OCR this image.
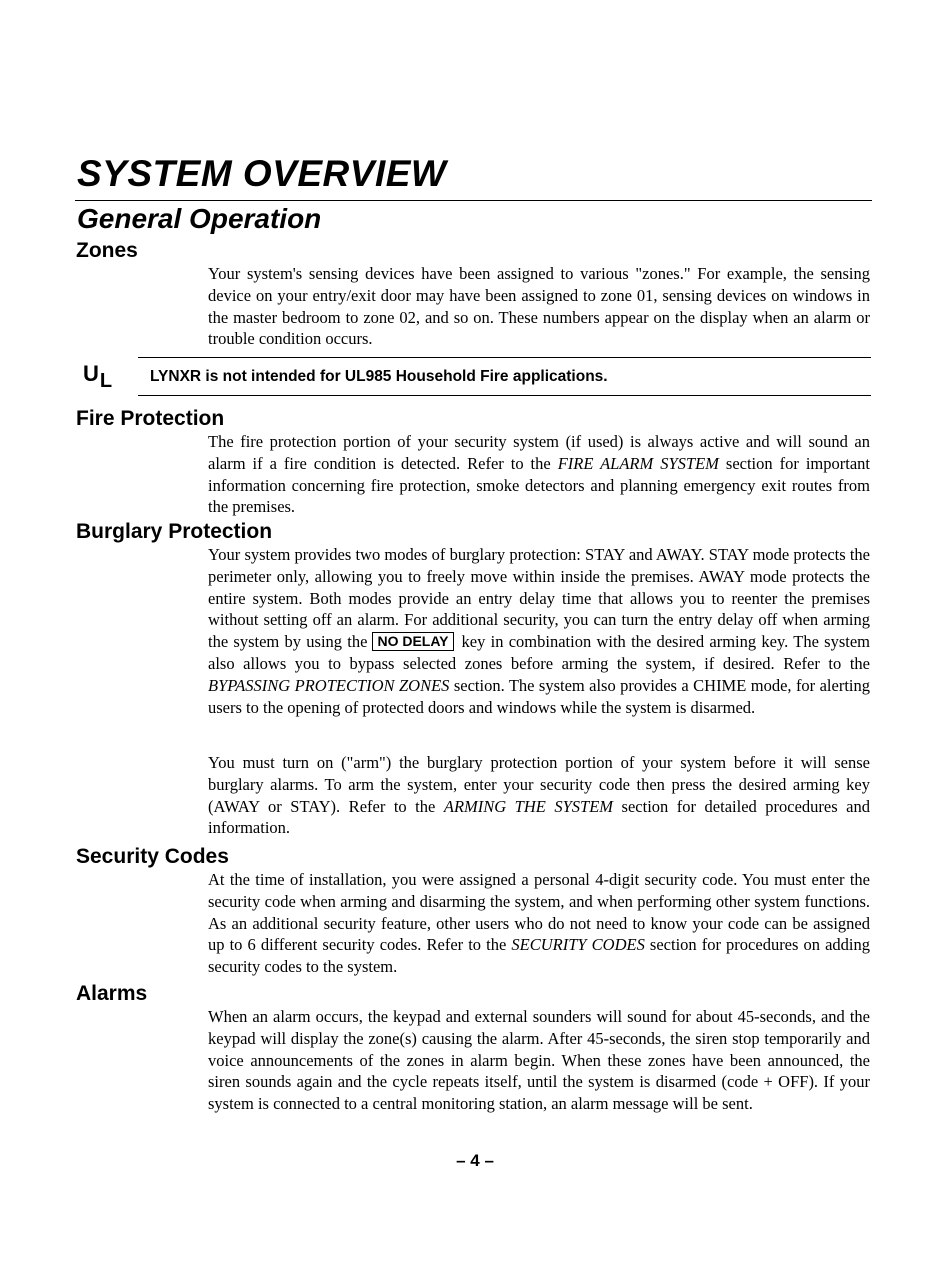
SYSTEM OVERVIEW
General Operation
Zones

Your system's sensing devices have been assigned to various "zones." For example, the sensing device on your entry/exit door may have been assigned to zone 01, sensing devices on windows in the master bedroom to zone 02, and so on. These numbers appear on the display when an alarm or trouble condition occurs.

UL LYNXR is not intended for UL985 Household Fire applications.

Fire Protection

The fire protection portion of your security system (if used) is always active and will sound an alarm if a fire condition is detected. Refer to the FIRE ALARM SYSTEM section for important information concerning fire protection, smoke detectors and planning emergency exit routes from the premises.

Burglary Protection

Your system provides two modes of burglary protection: STAY and AWAY. STAY mode protects the perimeter only, allowing you to freely move within inside the premises. AWAY mode protects the entire system. Both modes provide an entry delay time that allows you to reenter the premises without setting off an alarm. For additional security, you can turn the entry delay off when arming the system by using the NO DELAY key in combination with the desired arming key. The system also allows you to bypass selected zones before arming the system, if desired. Refer to the BYPASSING PROTECTION ZONES section. The system also provides a CHIME mode, for alerting users to the opening of protected doors and windows while the system is disarmed.

You must turn on ("arm") the burglary protection portion of your system before it will sense burglary alarms. To arm the system, enter your security code then press the desired arming key (AWAY or STAY). Refer to the ARMING THE SYSTEM section for detailed procedures and information.

Security Codes

At the time of installation, you were assigned a personal 4-digit security code. You must enter the security code when arming and disarming the system, and when performing other system functions. As an additional security feature, other users who do not need to know your code can be assigned up to 6 different security codes. Refer to the SECURITY CODES section for procedures on adding security codes to the system.

Alarms

When an alarm occurs, the keypad and external sounders will sound for about 45-seconds, and the keypad will display the zone(s) causing the alarm. After 45-seconds, the siren stop temporarily and voice announcements of the zones in alarm begin. When these zones have been announced, the siren sounds again and the cycle repeats itself, until the system is disarmed (code + OFF). If your system is connected to a central monitoring station, an alarm message will be sent.

– 4 –
